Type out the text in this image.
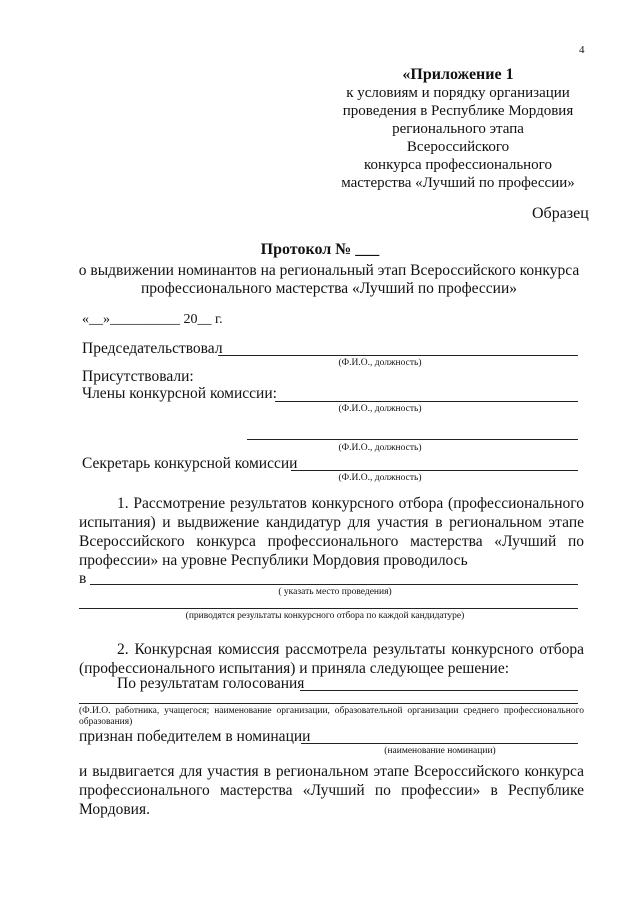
4
«Приложение 1
к условиям и порядку организации
проведения в Республике Мордовия
регионального этапа Всероссийского
конкурса профессионального
мастерства «Лучший по профессии»
Образец
Протокол № ___
о выдвижении номинантов на региональный этап Всероссийского конкурса профессионального мастерства «Лучший по профессии»
«__»__________ 20__ г.
Председательствовал
(Ф.И.О., должность)
Присутствовали:
Члены конкурсной комиссии:
(Ф.И.О., должность)
(Ф.И.О., должность)
Секретарь конкурсной комиссии
(Ф.И.О., должность)
1. Рассмотрение результатов конкурсного отбора (профессионального испытания) и выдвижение кандидатур для участия в региональном этапе Всероссийского конкурса профессионального мастерства «Лучший по профессии» на уровне Республики Мордовия проводилось
в
( указать место проведения)
(приводятся результаты конкурсного отбора по каждой кандидатуре)
2. Конкурсная комиссия рассмотрела результаты конкурсного отбора (профессионального испытания) и приняла следующее решение:
По результатам голосования
(Ф.И.О. работника, учащегося; наименование организации, образовательной организации среднего профессионального образования)
признан победителем в номинации
(наименование номинации)
и выдвигается для участия в региональном этапе Всероссийского конкурса профессионального мастерства «Лучший по профессии» в Республике Мордовия.
